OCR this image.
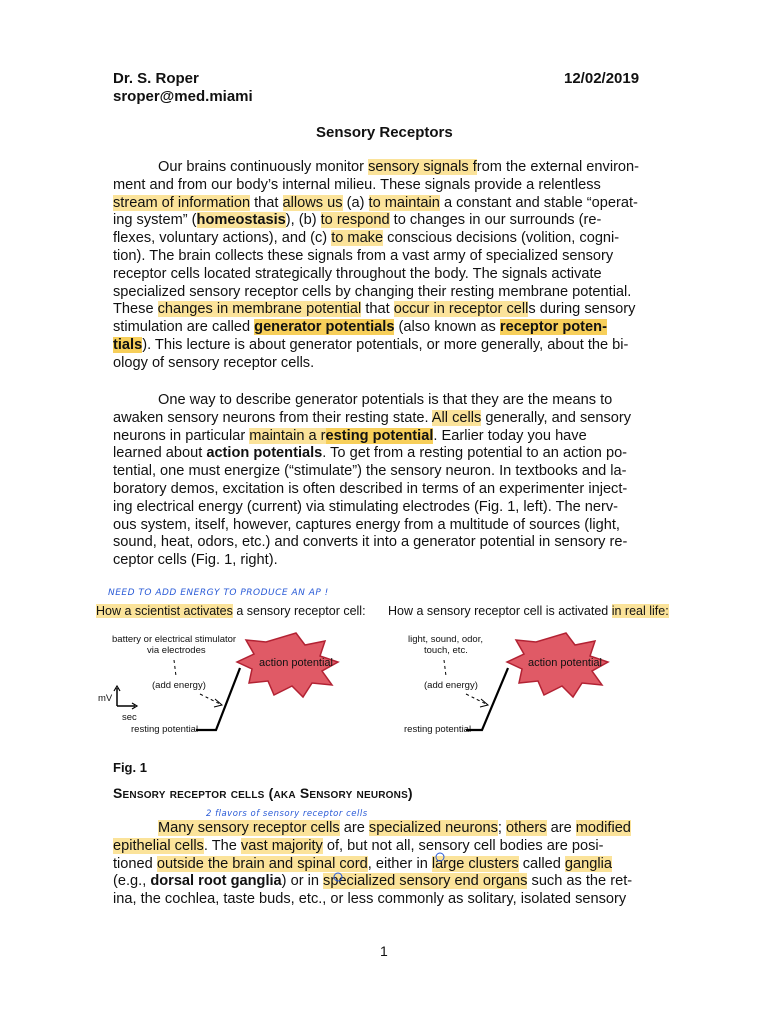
Dr. S. Roper
sroper@med.miami
12/02/2019
Sensory Receptors
Our brains continuously monitor sensory signals from the external environ-
ment and from our body’s internal milieu. These signals provide a relentless
stream of information that allows us (a) to maintain a constant and stable “operat-
ing system” (homeostasis), (b) to respond to changes in our surrounds (re-
flexes, voluntary actions), and (c) to make conscious decisions (volition, cogni-
tion). The brain collects these signals from a vast army of specialized sensory
receptor cells located strategically throughout the body. The signals activate
specialized sensory receptor cells by changing their resting membrane potential.
These changes in membrane potential that occur in receptor cells during sensory
stimulation are called generator potentials (also known as receptor poten-
tials). This lecture is about generator potentials, or more generally, about the bi-
ology of sensory receptor cells.
One way to describe generator potentials is that they are the means to
awaken sensory neurons from their resting state. All cells generally, and sensory
neurons in particular maintain a resting potential. Earlier today you have
learned about action potentials. To get from a resting potential to an action po-
tential, one must energize (“stimulate”) the sensory neuron. In textbooks and la-
boratory demos, excitation is often described in terms of an experimenter inject-
ing electrical energy (current) via stimulating electrodes (Fig. 1, left). The nerv-
ous system, itself, however, captures energy from a multitude of sources (light,
sound, heat, odors, etc.) and converts it into a generator potential in sensory re-
ceptor cells (Fig. 1, right).
NEED TO ADD ENERGY TO PRODUCE AN AP !
How a scientist activates a sensory receptor cell: How a sensory receptor cell is activated in real life:
battery or electrical stimulator
via electrodes
(add energy)
mV
sec
resting potential
light, sound, odor,
touch, etc.
(add energy)
resting potential
action potential	action potential
Fig. 1
Sensory receptor cells (aka Sensory neurons)
2 flavors of sensory receptor cells
Many sensory receptor cells are specialized neurons; others are modified
epithelial cells. The vast majority of, but not all, sensory cell bodies are posi-
tioned outside the brain and spinal cord, either in large clusters called ganglia
(e.g., dorsal root ganglia) or in specialized sensory end organs such as the ret-
ina, the cochlea, taste buds, etc., or less commonly as solitary, isolated sensory
1
